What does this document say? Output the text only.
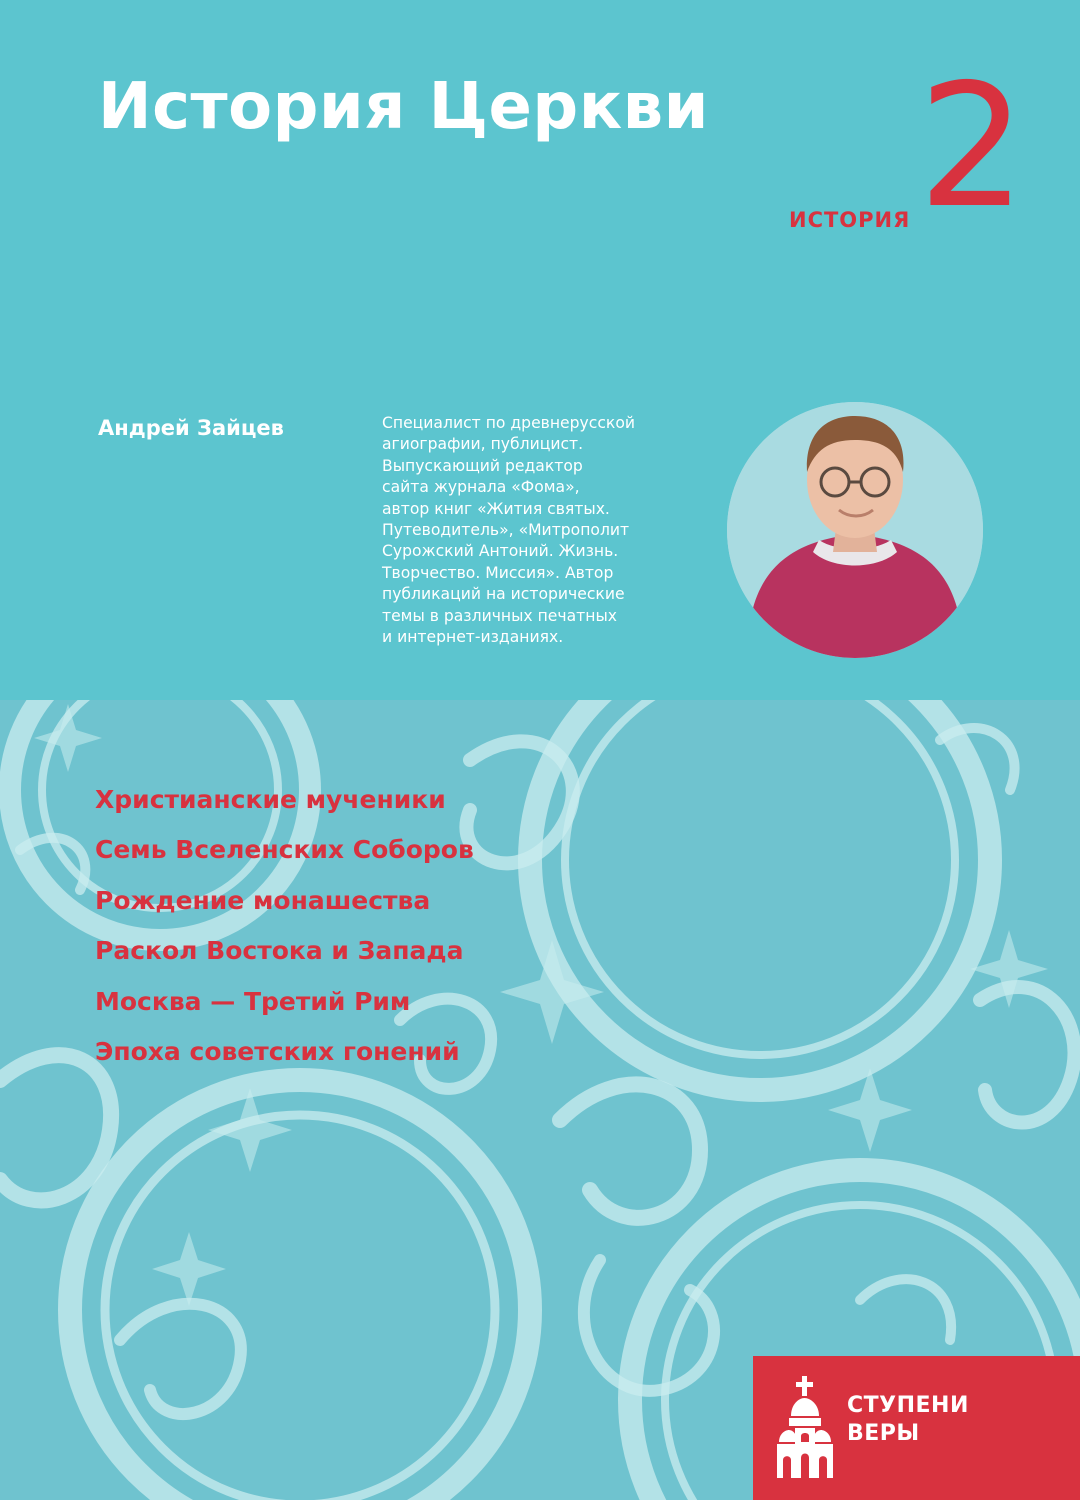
История Церкви 2
ИСТОРИЯ
Андрей Зайцев	Специалист по древнерусской
агиографии, публицист.
Выпускающий редактор
сайта журнала «Фома»,
автор книг «Жития святых.
Путеводитель», «Митрополит
Сурожский Антоний. Жизнь.
Творчество. Миссия». Автор
публикаций на исторические
темы в различных печатных
и интернет-изданиях.

Христианские мученики
Семь Вселенских Соборов
Рождение монашества
Раскол Востока и Запада
Москва — Третий Рим
Эпоха советских гонений
СТУПЕНИ
ВЕРЫ
